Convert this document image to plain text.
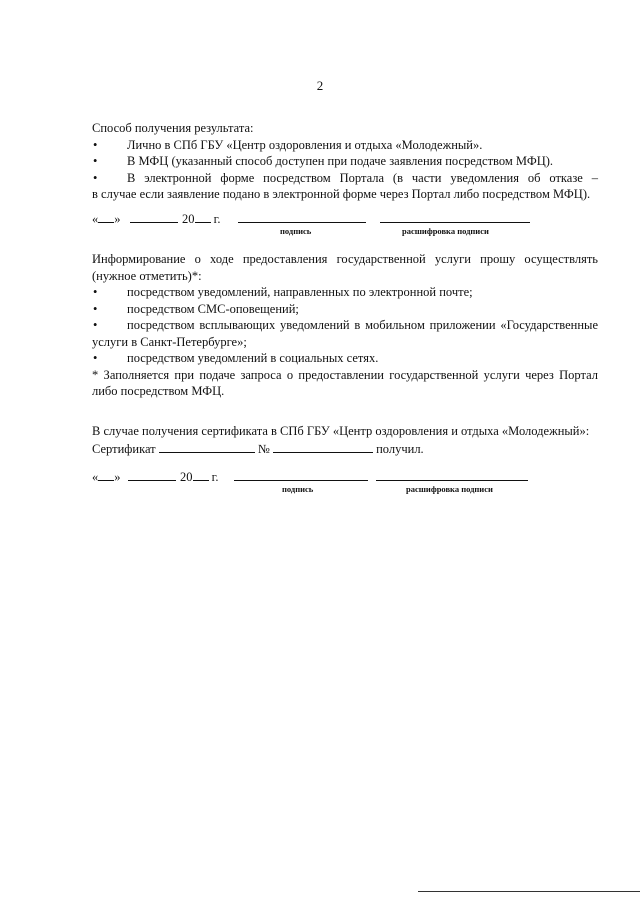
2
Способ получения результата:
•	Лично в СПб ГБУ «Центр оздоровления и отдыха «Молодежный».
•	В МФЦ (указанный способ доступен при подаче заявления посредством МФЦ).
•	В электронной форме посредством Портала (в части уведомления об отказе –
в случае если заявление подано в электронной форме через Портал либо посредством МФЦ).
« »	20 г.
подпись	расшифровка подписи
Информирование о ходе предоставления государственной услуги прошу осуществлять
(нужное отметить)*:
•	посредством уведомлений, направленных по электронной почте;
•	посредством СМС-оповещений;
•	посредством всплывающих уведомлений в мобильном приложении «Государственные
услуги в Санкт-Петербурге»;
•	посредством уведомлений в социальных сетях.
* Заполняется при подаче запроса о предоставлении государственной услуги через Портал
либо посредством МФЦ.
В случае получения сертификата в СПб ГБУ «Центр оздоровления и отдыха «Молодежный»:
Сертификат	№	получил.
« »	20 г.
подпись	расшифровка подписи
